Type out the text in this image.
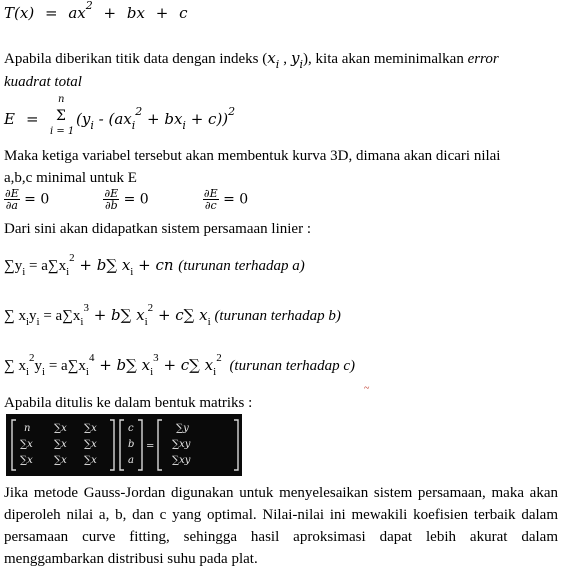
$T(x) = ax^2$ + bx + c
Apabila diberikan titik data dengan indeks ($x_i$ , $y_i$), kita akan meminimalkan error
kuadrat total
E =
n
Σ
i = 1
$(y_i - (ax_i^2 + bx_i + c))^2$
Maka ketiga variabel tersebut akan membentuk kurva 3D, dimana akan dicari nilai
a,b,c minimal untuk E
$\frac{\partial E}{\partial a} = 0$	$\frac{\partial E}{\partial b} = 0$	$\frac{\partial E}{\partial c} = 0$
Dari sini akan didapatkan sistem persamaan linier :
$\sum y_i = a\sum x_i^2 + b\sum$ $x_i$ + cn (turunan terhadap a)
∑ $x_iy_i = a\sum x_i^3 + b\sum$ $x_i^2 + c\sum$ $x_i$ (turunan terhadap b)
∑ $x_i^2y_i = a\sum x_i^4 + b\sum$ $x_i^3 + c\sum$ $x_i^2$ (turunan terhadap c)
~
Apabila ditulis ke dalam bentuk matriks :
n
∑x
∑x
∑x
∑x
∑x
∑x
∑x
∑x
c
b
a
=
∑y
∑xy
∑xy
Jika metode Gauss-Jordan digunakan untuk menyelesaikan sistem persamaan, maka akan diperoleh nilai a, b, dan c yang optimal. Nilai-nilai ini mewakili koefisien terbaik dalam persamaan curve fitting, sehingga hasil aproksimasi dapat lebih akurat dalam menggambarkan distribusi suhu pada plat.
